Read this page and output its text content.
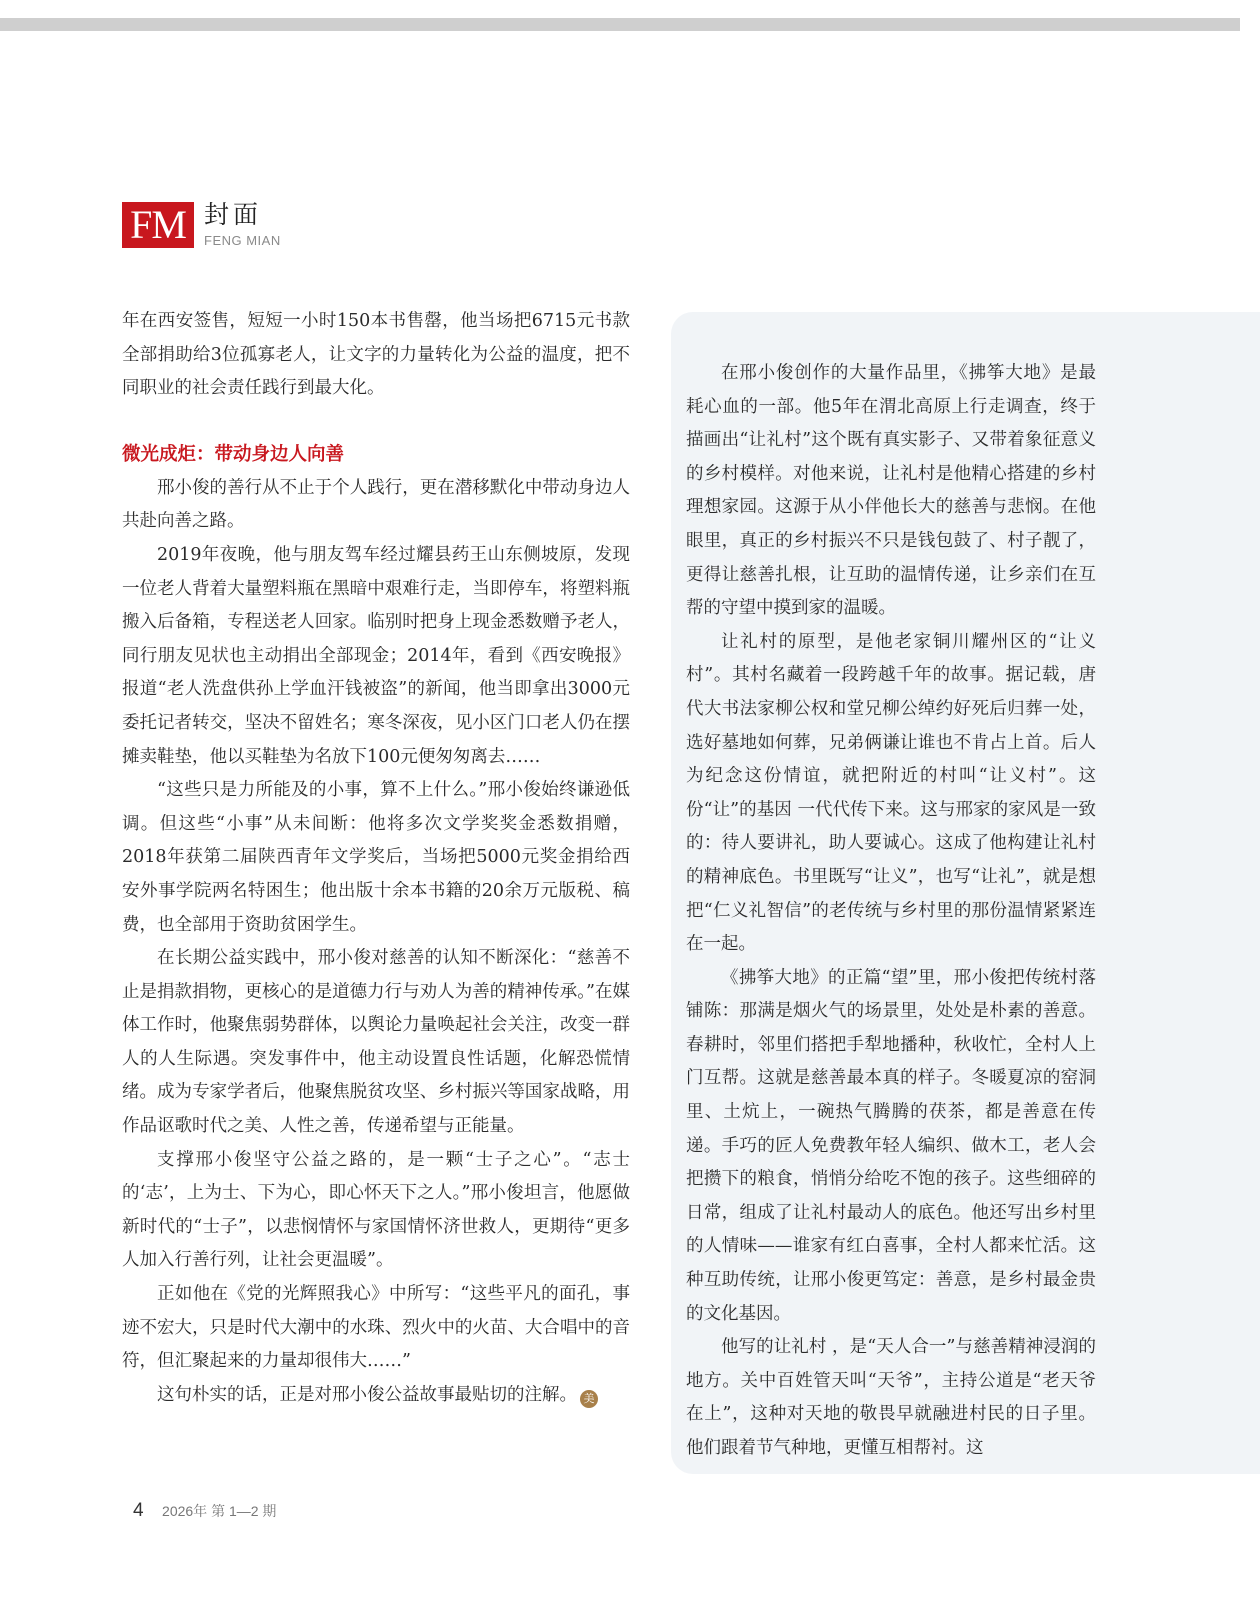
FM 封面
FENG MIAN

年在西安签售，短短一小时150本书售罄，他当场把6715元书款全部捐助给3位孤寡老人，让文字的力量转化为公益的温度，把不同职业的社会责任践行到最大化。

微光成炬：带动身边人向善

邢小俊的善行从不止于个人践行，更在潜移默化中带动身边人共赴向善之路。

2019年夜晚，他与朋友驾车经过耀县药王山东侧坡原，发现一位老人背着大量塑料瓶在黑暗中艰难行走，当即停车，将塑料瓶搬入后备箱，专程送老人回家。临别时把身上现金悉数赠予老人，同行朋友见状也主动捐出全部现金；2014年，看到《西安晚报》报道“老人洗盘供孙上学血汗钱被盗”的新闻，他当即拿出3000元委托记者转交，坚决不留姓名；寒冬深夜，见小区门口老人仍在摆摊卖鞋垫，他以买鞋垫为名放下100元便匆匆离去……

“这些只是力所能及的小事，算不上什么。”邢小俊始终谦逊低调。但这些“小事”从未间断：他将多次文学奖奖金悉数捐赠，2018年获第二届陕西青年文学奖后，当场把5000元奖金捐给西安外事学院两名特困生；他出版十余本书籍的20余万元版税、稿费，也全部用于资助贫困学生。

在长期公益实践中，邢小俊对慈善的认知不断深化：“慈善不止是捐款捐物，更核心的是道德力行与劝人为善的精神传承。”在媒体工作时，他聚焦弱势群体，以舆论力量唤起社会关注，改变一群人的人生际遇。突发事件中，他主动设置良性话题，化解恐慌情绪。成为专家学者后，他聚焦脱贫攻坚、乡村振兴等国家战略，用作品讴歌时代之美、人性之善，传递希望与正能量。

支撑邢小俊坚守公益之路的，是一颗“士子之心”。“志士的‘志’，上为士、下为心，即心怀天下之人。”邢小俊坦言，他愿做新时代的“士子”，以悲悯情怀与家国情怀济世救人，更期待“更多人加入行善行列，让社会更温暖”。

正如他在《党的光辉照我心》中所写：“这些平凡的面孔，事迹不宏大，只是时代大潮中的水珠、烈火中的火苗、大合唱中的音符，但汇聚起来的力量却很伟大……”

这句朴实的话，正是对邢小俊公益故事最贴切的注解。 美

在邢小俊创作的大量作品里，《拂筝大地》是最耗心血的一部。他5年在渭北高原上行走调查，终于描画出“让礼村”这个既有真实影子、又带着象征意义的乡村模样。对他来说，让礼村是他精心搭建的乡村理想家园。这源于从小伴他长大的慈善与悲悯。在他眼里，真正的乡村振兴不只是钱包鼓了、村子靓了，更得让慈善扎根，让互助的温情传递，让乡亲们在互帮的守望中摸到家的温暖。

让礼村的原型，是他老家铜川耀州区的“让义村”。其村名藏着一段跨越千年的故事。据记载，唐代大书法家柳公权和堂兄柳公绰约好死后归葬一处，选好墓地如何葬，兄弟俩谦让谁也不肯占上首。后人为纪念这份情谊，就把附近的村叫“让义村”。这份“让”的基因 一代代传下来。这与邢家的家风是一致的：待人要讲礼，助人要诚心。这成了他构建让礼村的精神底色。书里既写“让义”，也写“让礼”，就是想把“仁义礼智信”的老传统与乡村里的那份温情紧紧连在一起。

《拂筝大地》的正篇“望”里，邢小俊把传统村落铺陈：那满是烟火气的场景里，处处是朴素的善意。春耕时，邻里们搭把手犁地播种，秋收忙，全村人上门互帮。这就是慈善最本真的样子。冬暖夏凉的窑洞里、土炕上，一碗热气腾腾的茯茶，都是善意在传递。手巧的匠人免费教年轻人编织、做木工，老人会把攒下的粮食，悄悄分给吃不饱的孩子。这些细碎的日常，组成了让礼村最动人的底色。他还写出乡村里的人情味——谁家有红白喜事，全村人都来忙活。这种互助传统，让邢小俊更笃定：善意，是乡村最金贵的文化基因。

他写的让礼村 ，是“天人合一”与慈善精神浸润的地方。关中百姓管天叫“天爷”，主持公道是“老天爷在上”，这种对天地的敬畏早就融进村民的日子里。他们跟着节气种地，更懂互相帮衬。这

4 2026年 第 1—2 期
